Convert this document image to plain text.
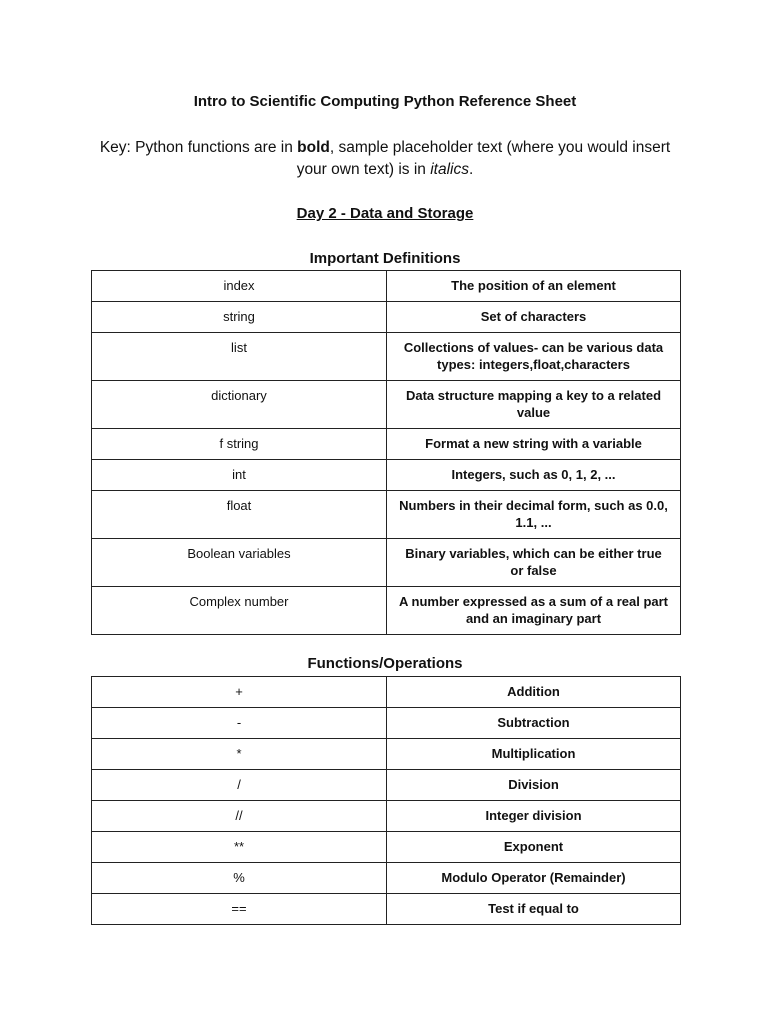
Intro to Scientific Computing Python Reference Sheet
Key: Python functions are in bold, sample placeholder text (where you would insert your own text) is in italics.
Day 2 - Data and Storage
Important Definitions
index	The position of an element
string	Set of characters
list	Collections of values- can be various data types: integers,float,characters
dictionary	Data structure mapping a key to a related value
f string	Format a new string with a variable
int	Integers, such as 0, 1, 2, ...
float	Numbers in their decimal form, such as 0.0, 1.1, ...
Boolean variables	Binary variables, which can be either true or false
Complex number	A number expressed as a sum of a real part and an imaginary part
Functions/Operations
+	Addition
-	Subtraction
*	Multiplication
/	Division
//	Integer division
**	Exponent
%	Modulo Operator (Remainder)
==	Test if equal to
